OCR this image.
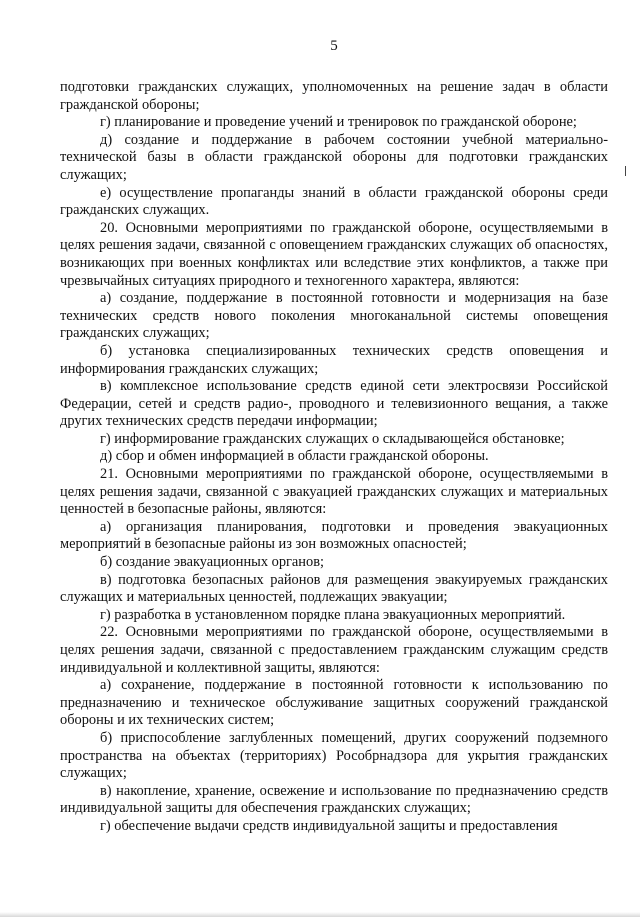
5

подготовки гражданских служащих, уполномоченных на решение задач в области гражданской обороны;

г) планирование и проведение учений и тренировок по гражданской обороне;

д) создание и поддержание в рабочем состоянии учебной материально-технической базы в области гражданской обороны для подготовки гражданских служащих;

е) осуществление пропаганды знаний в области гражданской обороны среди гражданских служащих.

20. Основными мероприятиями по гражданской обороне, осуществляемыми в целях решения задачи, связанной с оповещением гражданских служащих об опасностях, возникающих при военных конфликтах или вследствие этих конфликтов, а также при чрезвычайных ситуациях природного и техногенного характера, являются:

а) создание, поддержание в постоянной готовности и модернизация на базе технических средств нового поколения многоканальной системы оповещения гражданских служащих;

б) установка специализированных технических средств оповещения и информирования гражданских служащих;

в) комплексное использование средств единой сети электросвязи Российской Федерации, сетей и средств радио-, проводного и телевизионного вещания, а также других технических средств передачи информации;

г) информирование гражданских служащих о складывающейся обстановке;

д) сбор и обмен информацией в области гражданской обороны.

21. Основными мероприятиями по гражданской обороне, осуществляемыми в целях решения задачи, связанной с эвакуацией гражданских служащих и материальных ценностей в безопасные районы, являются:

а) организация планирования, подготовки и проведения эвакуационных мероприятий в безопасные районы из зон возможных опасностей;

б) создание эвакуационных органов;

в) подготовка безопасных районов для размещения эвакуируемых гражданских служащих и материальных ценностей, подлежащих эвакуации;

г) разработка в установленном порядке плана эвакуационных мероприятий.

22. Основными мероприятиями по гражданской обороне, осуществляемыми в целях решения задачи, связанной с предоставлением гражданским служащим средств индивидуальной и коллективной защиты, являются:

а) сохранение, поддержание в постоянной готовности к использованию по предназначению и техническое обслуживание защитных сооружений гражданской обороны и их технических систем;

б) приспособление заглубленных помещений, других сооружений подземного пространства на объектах (территориях) Рособрнадзора для укрытия гражданских служащих;

в) накопление, хранение, освежение и использование по предназначению средств индивидуальной защиты для обеспечения гражданских служащих;

г) обеспечение выдачи средств индивидуальной защиты и предоставления
